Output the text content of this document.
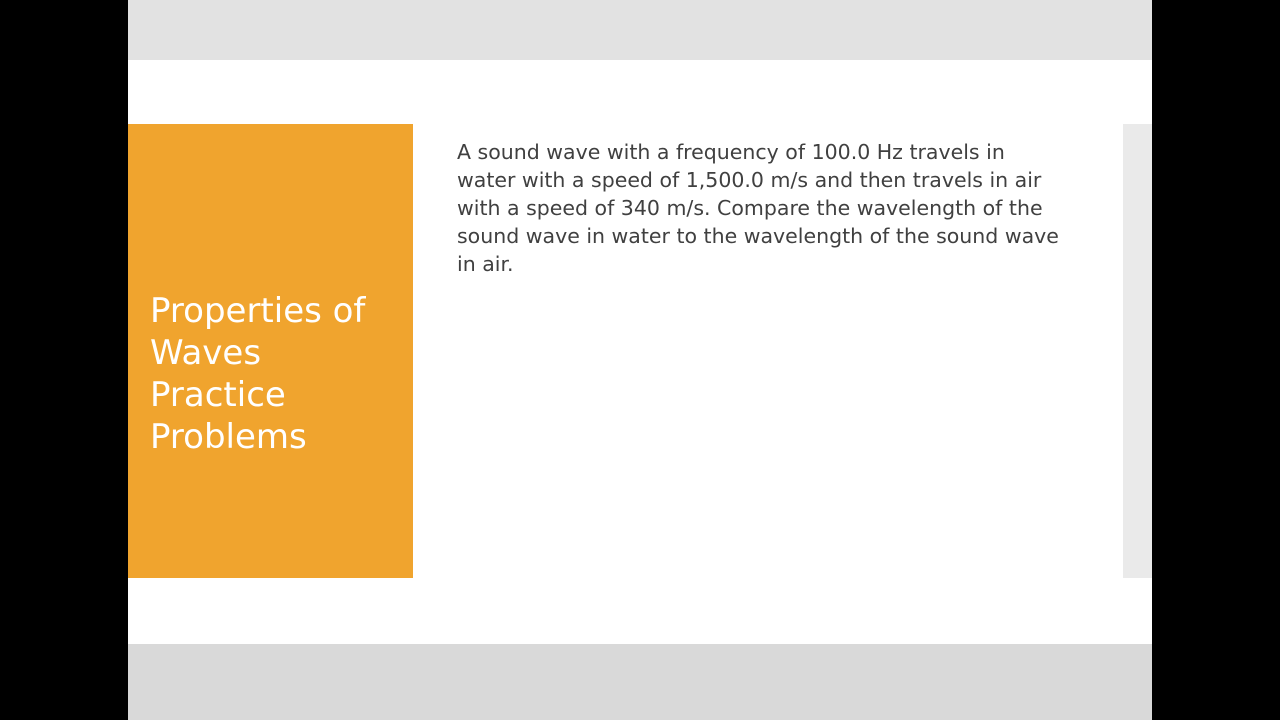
Properties of Waves Practice Problems

A sound wave with a frequency of 100.0 Hz travels in water with a speed of 1,500.0 m/s and then travels in air with a speed of 340 m/s. Compare the wavelength of the sound wave in water to the wavelength of the sound wave in air.
